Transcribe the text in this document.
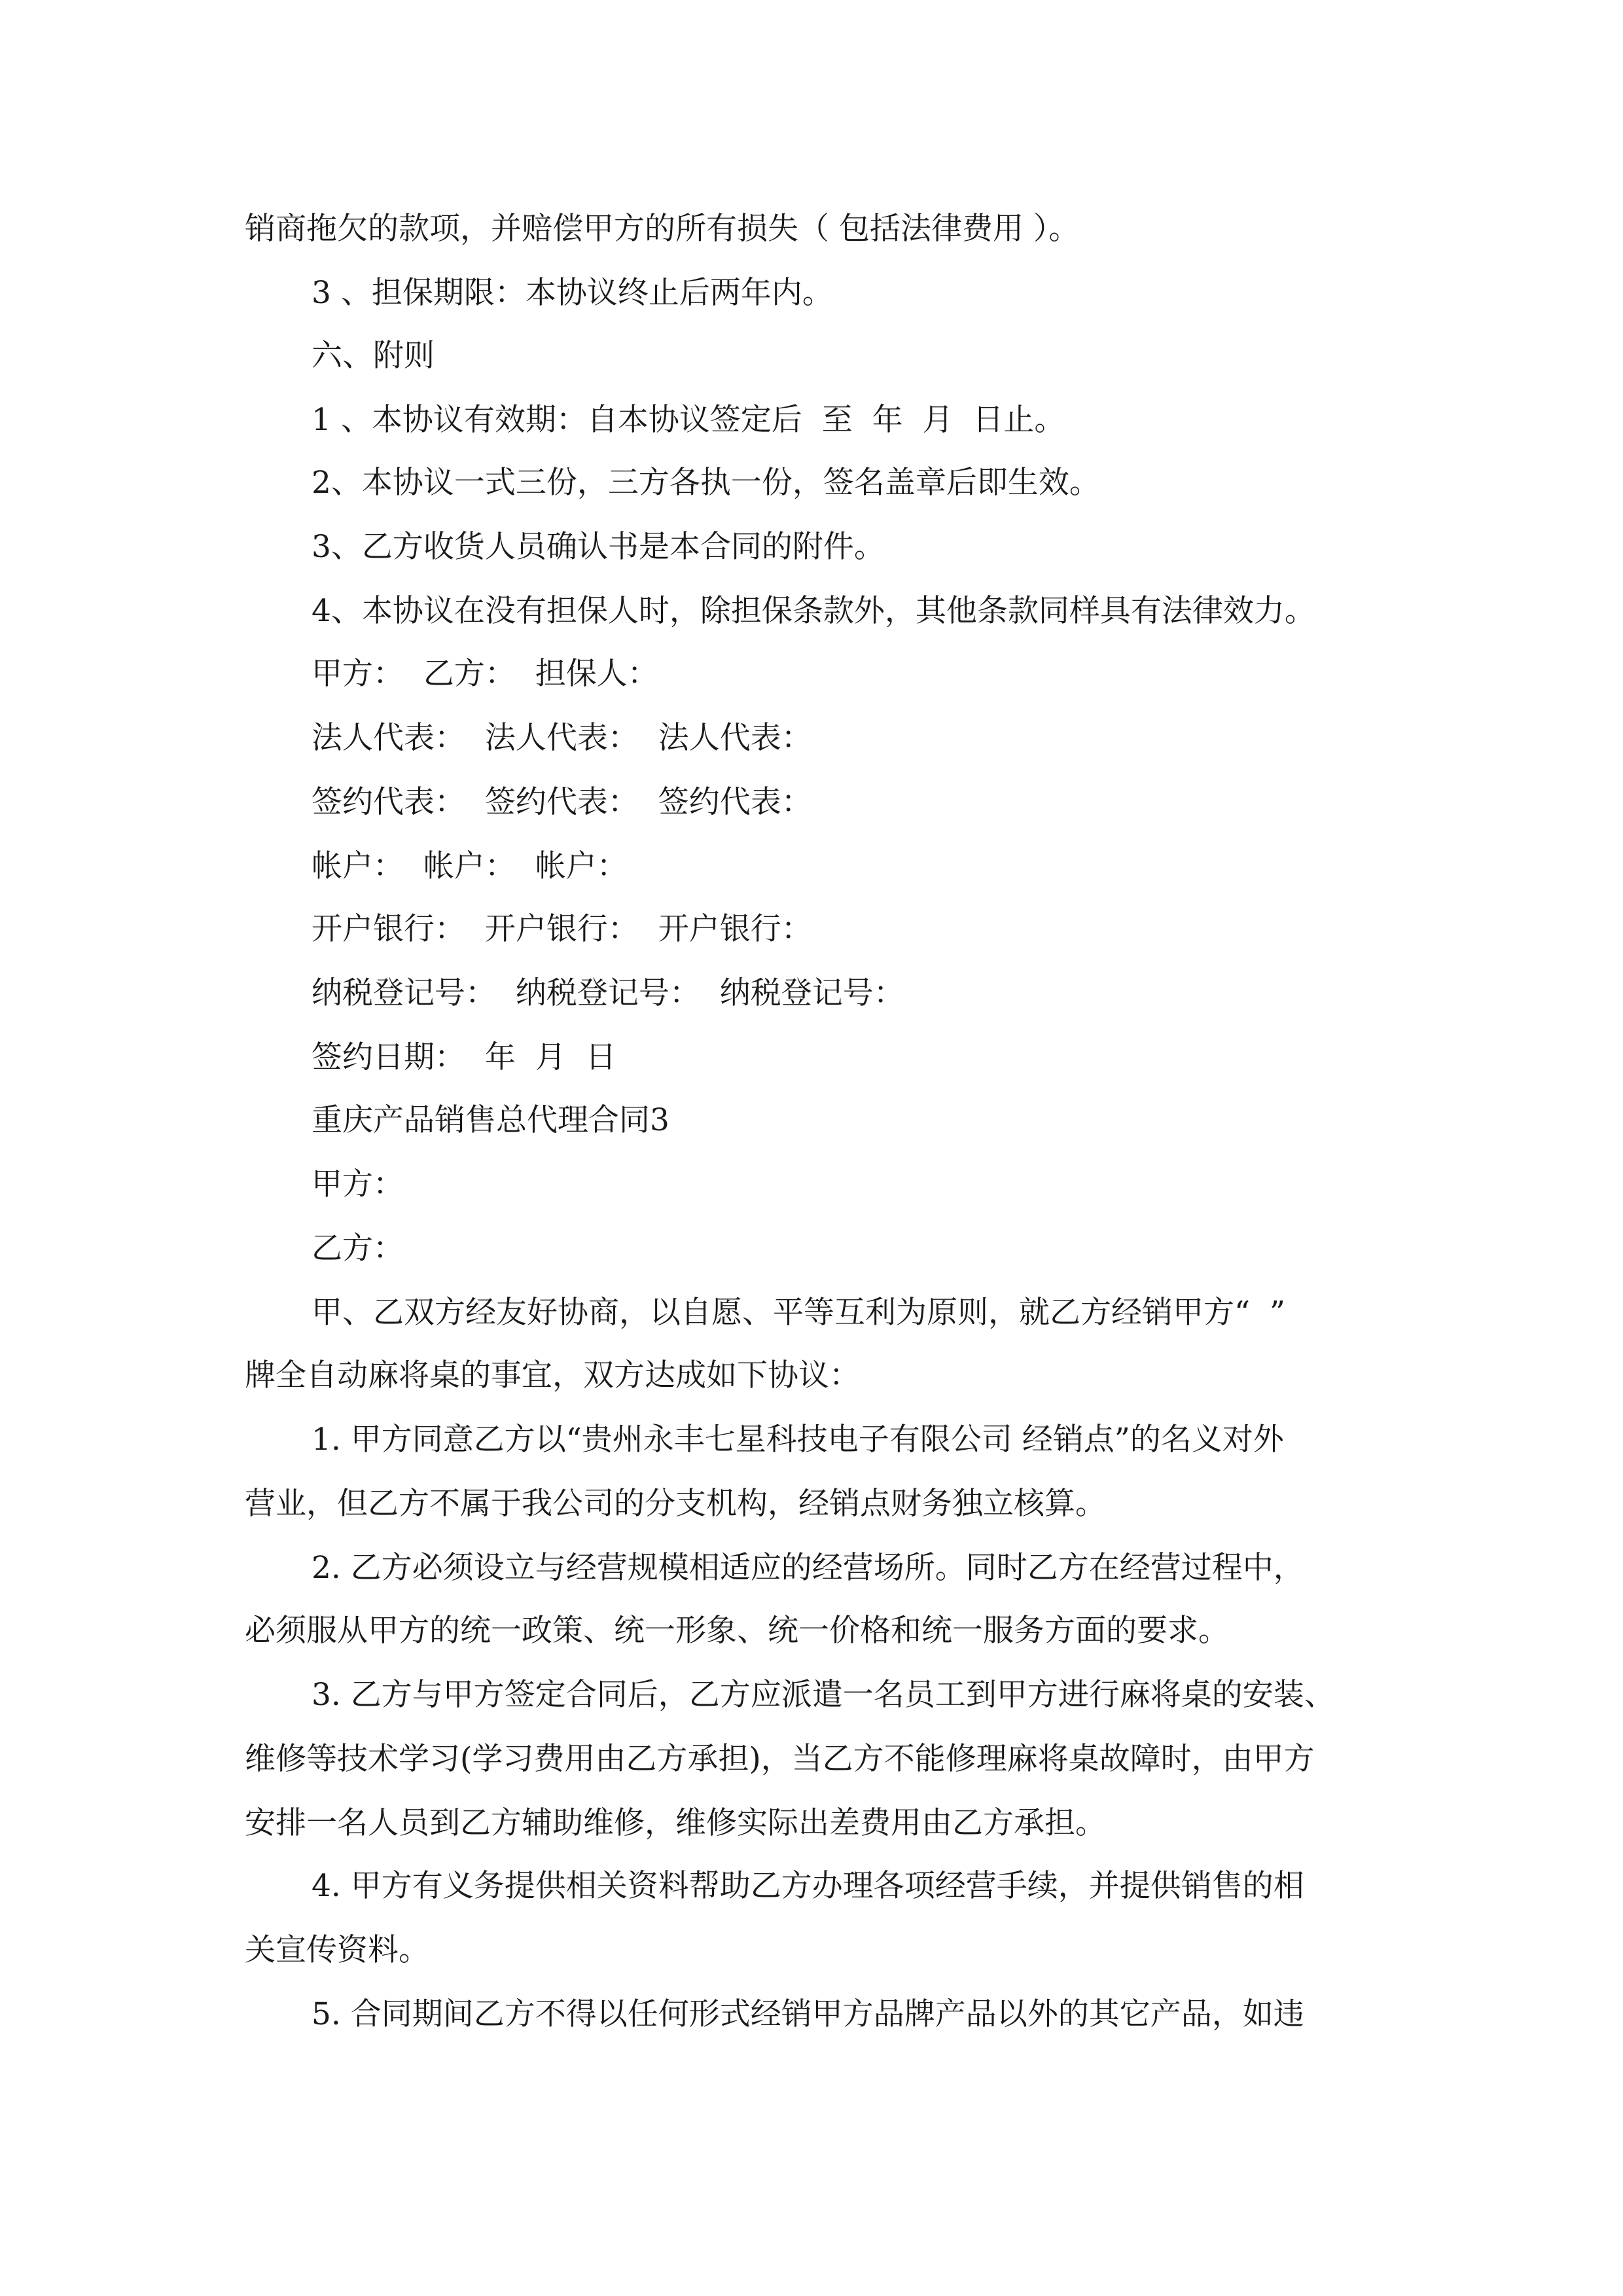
销商拖欠的款项，并赔偿甲方的所有损失（ 包括法律费用 ）。
3 、担保期限：本协议终止后两年内。
六、附则
1 、本协议有效期：自本协议签定后  至  年  月  日止。
2、本协议一式三份，三方各执一份，签名盖章后即生效。
3、乙方收货人员确认书是本合同的附件。
4、本协议在没有担保人时，除担保条款外，其他条款同样具有法律效力。
甲方：  乙方：  担保人：
法人代表：  法人代表：  法人代表：
签约代表：  签约代表：  签约代表：
帐户：  帐户：  帐户：
开户银行：  开户银行：  开户银行：
纳税登记号：  纳税登记号：  纳税登记号：
签约日期：  年  月  日
重庆产品销售总代理合同3
甲方：
乙方：
甲、乙双方经友好协商，以自愿、平等互利为原则，就乙方经销甲方“  ”
牌全自动麻将桌的事宜，双方达成如下协议：
1. 甲方同意乙方以“贵州永丰七星科技电子有限公司 经销点”的名义对外
营业，但乙方不属于我公司的分支机构，经销点财务独立核算。
2. 乙方必须设立与经营规模相适应的经营场所。同时乙方在经营过程中，
必须服从甲方的统一政策、统一形象、统一价格和统一服务方面的要求。
3. 乙方与甲方签定合同后，乙方应派遣一名员工到甲方进行麻将桌的安装、
维修等技术学习(学习费用由乙方承担)，当乙方不能修理麻将桌故障时，由甲方
安排一名人员到乙方辅助维修，维修实际出差费用由乙方承担。
4. 甲方有义务提供相关资料帮助乙方办理各项经营手续，并提供销售的相
关宣传资料。
5. 合同期间乙方不得以任何形式经销甲方品牌产品以外的其它产品，如违
